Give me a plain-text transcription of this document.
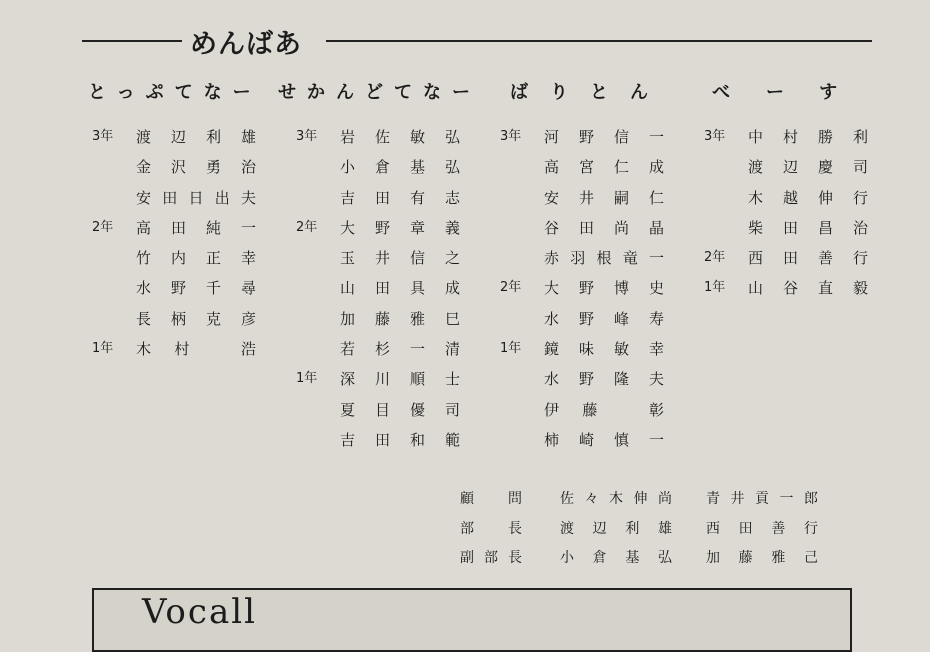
めんばあ
とっぷてなー せかんどてなー ばりとん べーす
3年	渡辺利雄
金沢勇治
安田日出夫
2年	高田純一
竹内正幸
水野千尋
長柄克彦
1年	木村 浩
3年	岩佐敏弘
小倉基弘
吉田有志
2年	大野章義
玉井信之
山田具成
加藤雅巳
若杉一清
1年	深川順士
夏目優司
吉田和範
3年	河野信一
高宮仁成
安井嗣仁
谷田尚晶
赤羽根竜一
2年	大野博史
水野峰寿
1年	鏡味敏幸
水野隆夫
伊藤 彰
柿崎慎一
3年	中村勝利
渡辺慶司
木越伸行
柴田昌治
2年	西田善行
1年	山谷直毅
顧問	佐々木伸尚 青井貢一郎
部長	渡辺利雄 西田善行
副部長	小倉基弘 加藤雅己
Vocall
